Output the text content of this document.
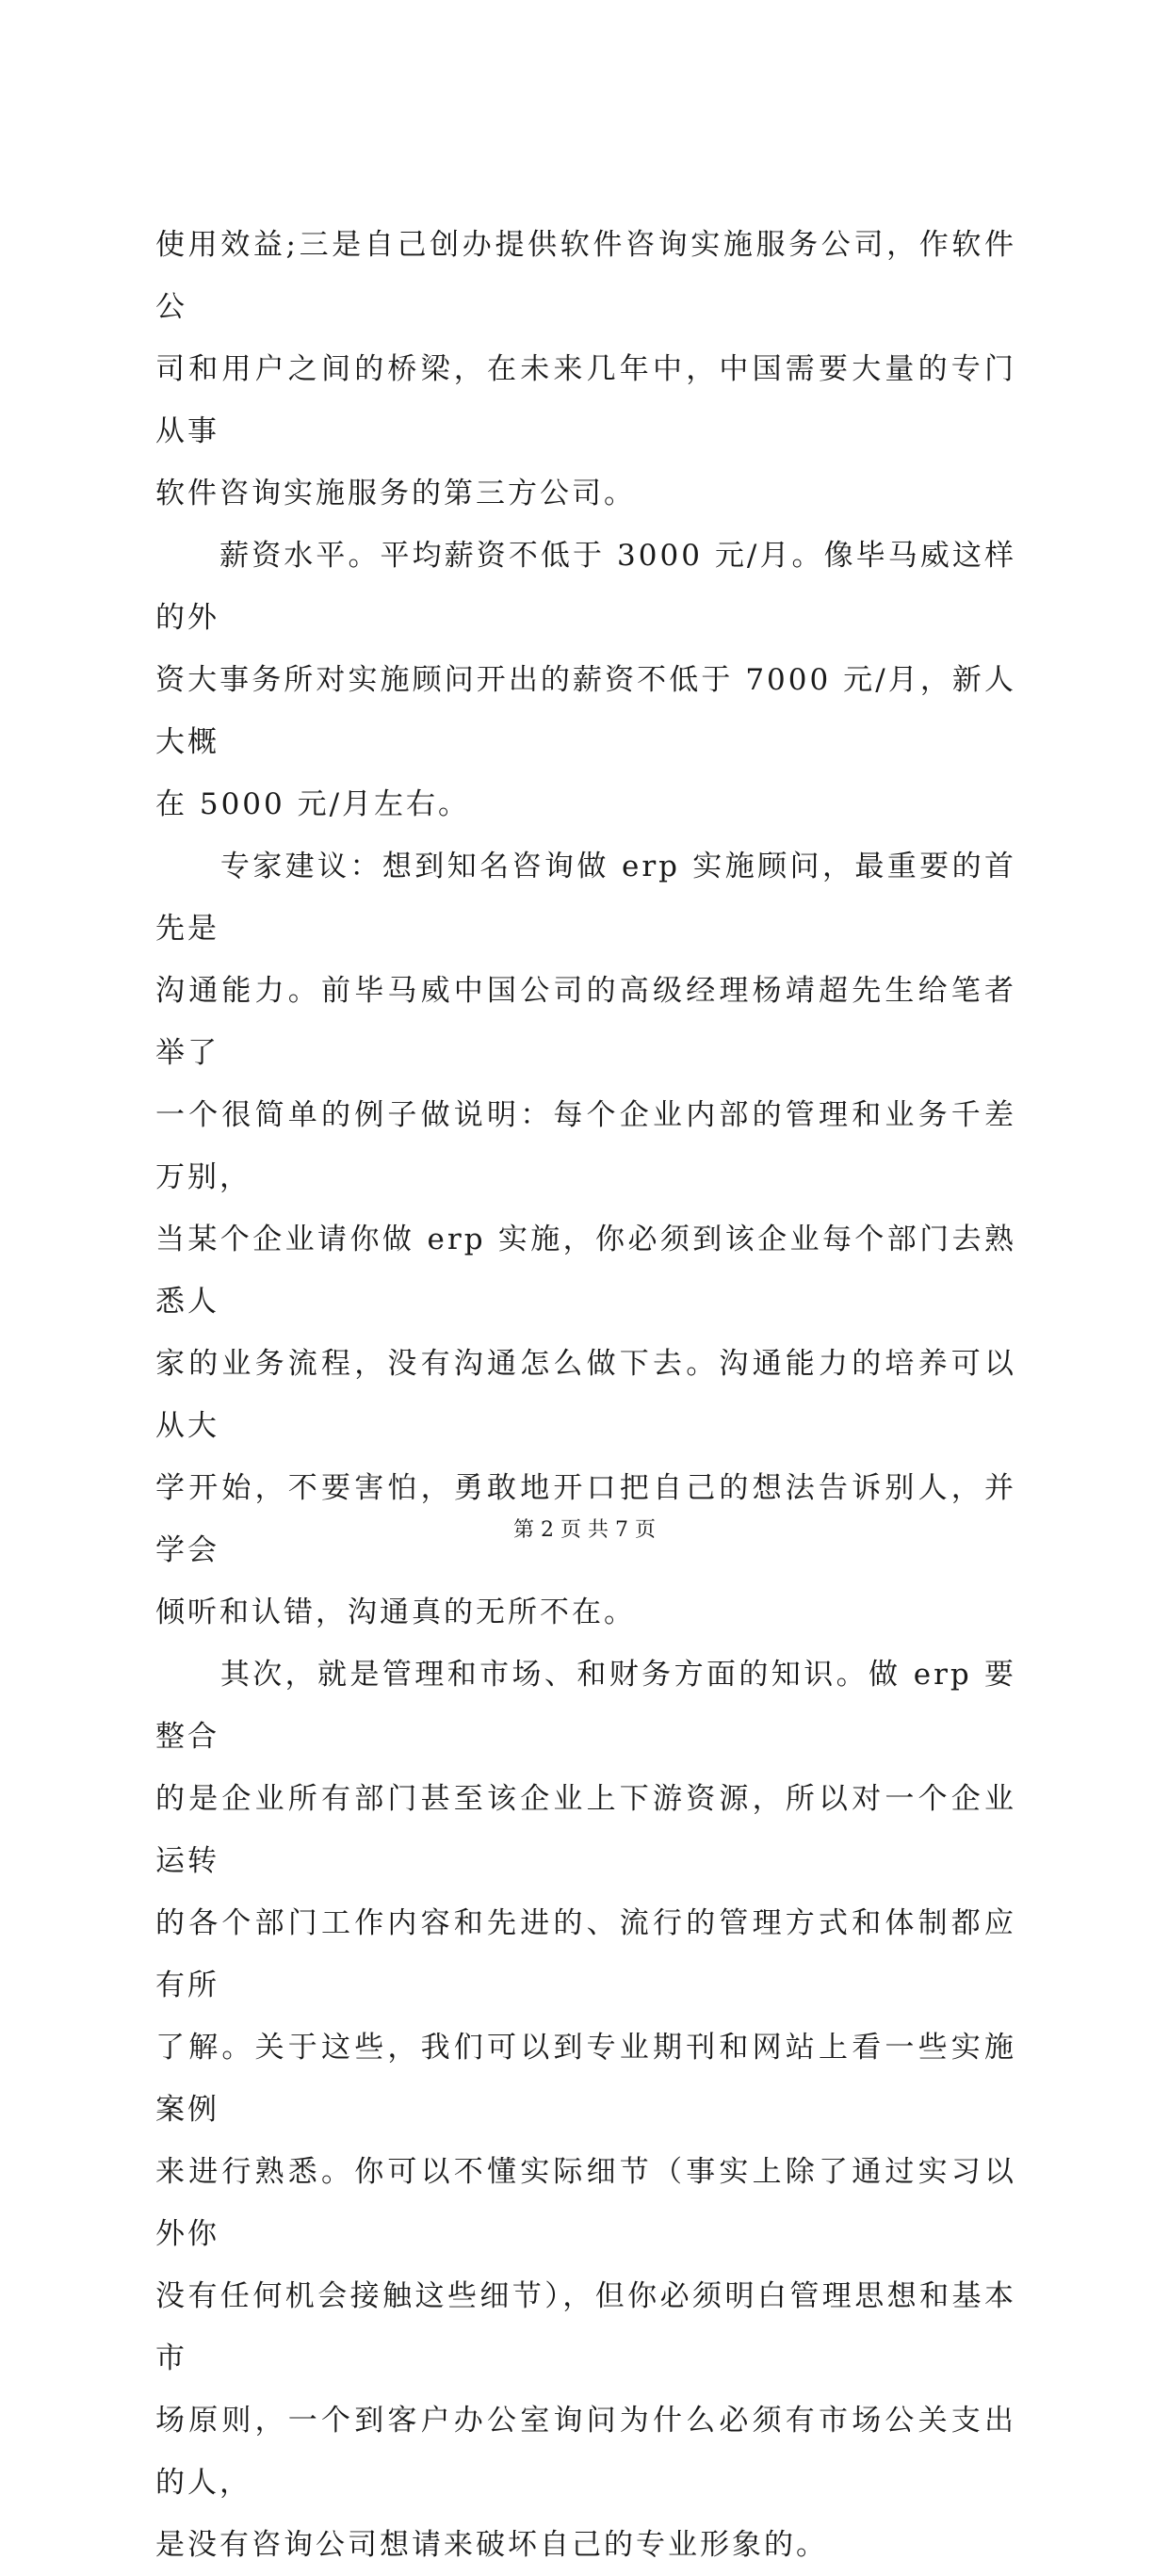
使用效益;三是自己创办提供软件咨询实施服务公司，作软件公

司和用户之间的桥梁，在未来几年中，中国需要大量的专门从事

软件咨询实施服务的第三方公司。

　　薪资水平。平均薪资不低于 3000 元/月。像毕马威这样的外

资大事务所对实施顾问开出的薪资不低于 7000 元/月，新人大概

在 5000 元/月左右。

　　专家建议：想到知名咨询做 erp 实施顾问，最重要的首先是

沟通能力。前毕马威中国公司的高级经理杨靖超先生给笔者举了

一个很简单的例子做说明：每个企业内部的管理和业务千差万别，

当某个企业请你做 erp 实施，你必须到该企业每个部门去熟悉人

家的业务流程，没有沟通怎么做下去。沟通能力的培养可以从大

学开始，不要害怕，勇敢地开口把自己的想法告诉别人，并学会

倾听和认错，沟通真的无所不在。

　　其次，就是管理和市场、和财务方面的知识。做 erp 要整合

的是企业所有部门甚至该企业上下游资源，所以对一个企业运转

的各个部门工作内容和先进的、流行的管理方式和体制都应有所

了解。关于这些，我们可以到专业期刊和网站上看一些实施案例

来进行熟悉。你可以不懂实际细节（事实上除了通过实习以外你

没有任何机会接触这些细节），但你必须明白管理思想和基本市

场原则，一个到客户办公室询问为什么必须有市场公关支出的人，

是没有咨询公司想请来破坏自己的专业形象的。

第 2 页 共 7 页
